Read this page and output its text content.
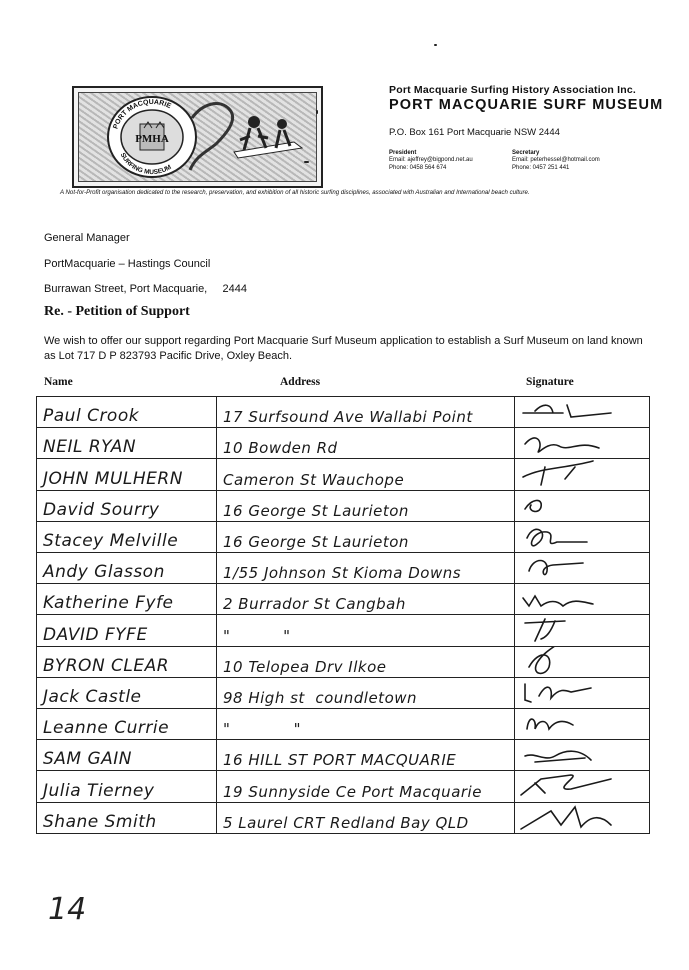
PORT MACQUARIE
SURFING MUSEUM
PMHA
Port Macquarie Surfing History Association Inc.
PORT MACQUARIE SURF MUSEUM
P.O. Box 161 Port Macquarie NSW 2444
President
Email: ajeffrey@bigpond.net.au
Phone: 0458 564 674
Secretary
Email: peterhessel@hotmail.com
Phone: 0457 251 441
A Not-for-Profit organisation dedicated to the research, preservation, and exhibition of all historic surfing disciplines, associated with Australian and International beach culture.
General Manager
PortMacquarie – Hastings Council
Burrawan Street, Port Macquarie,     2444
Re. - Petition of Support
We wish to offer our support regarding Port Macquarie Surf Museum application to establish a Surf Museum on land known as Lot 717 D P 823793 Pacific Drive, Oxley Beach.
Name	Address	Signature
Paul Crook	17 Surfsound Ave Wallabi Point
NEIL RYAN	10 Bowden Rd
JOHN MULHERN	Cameron St Wauchope
David Sourry	16 George St Laurieton
Stacey Melville	16 George St Laurieton
Andy Glasson	1/55 Johnson St Kioma Downs
Katherine Fyfe	2 Burrador St Cangbah
DAVID FYFE	"          "
BYRON CLEAR	10 Telopea Drv Ilkoe
Jack Castle	98 High st  coundletown
Leanne Currie	"            "
SAM GAIN	16 HILL ST PORT MACQUARIE
Julia Tierney	19 Sunnyside Ce Port Macquarie
Shane Smith	5 Laurel CRT Redland Bay QLD
14
